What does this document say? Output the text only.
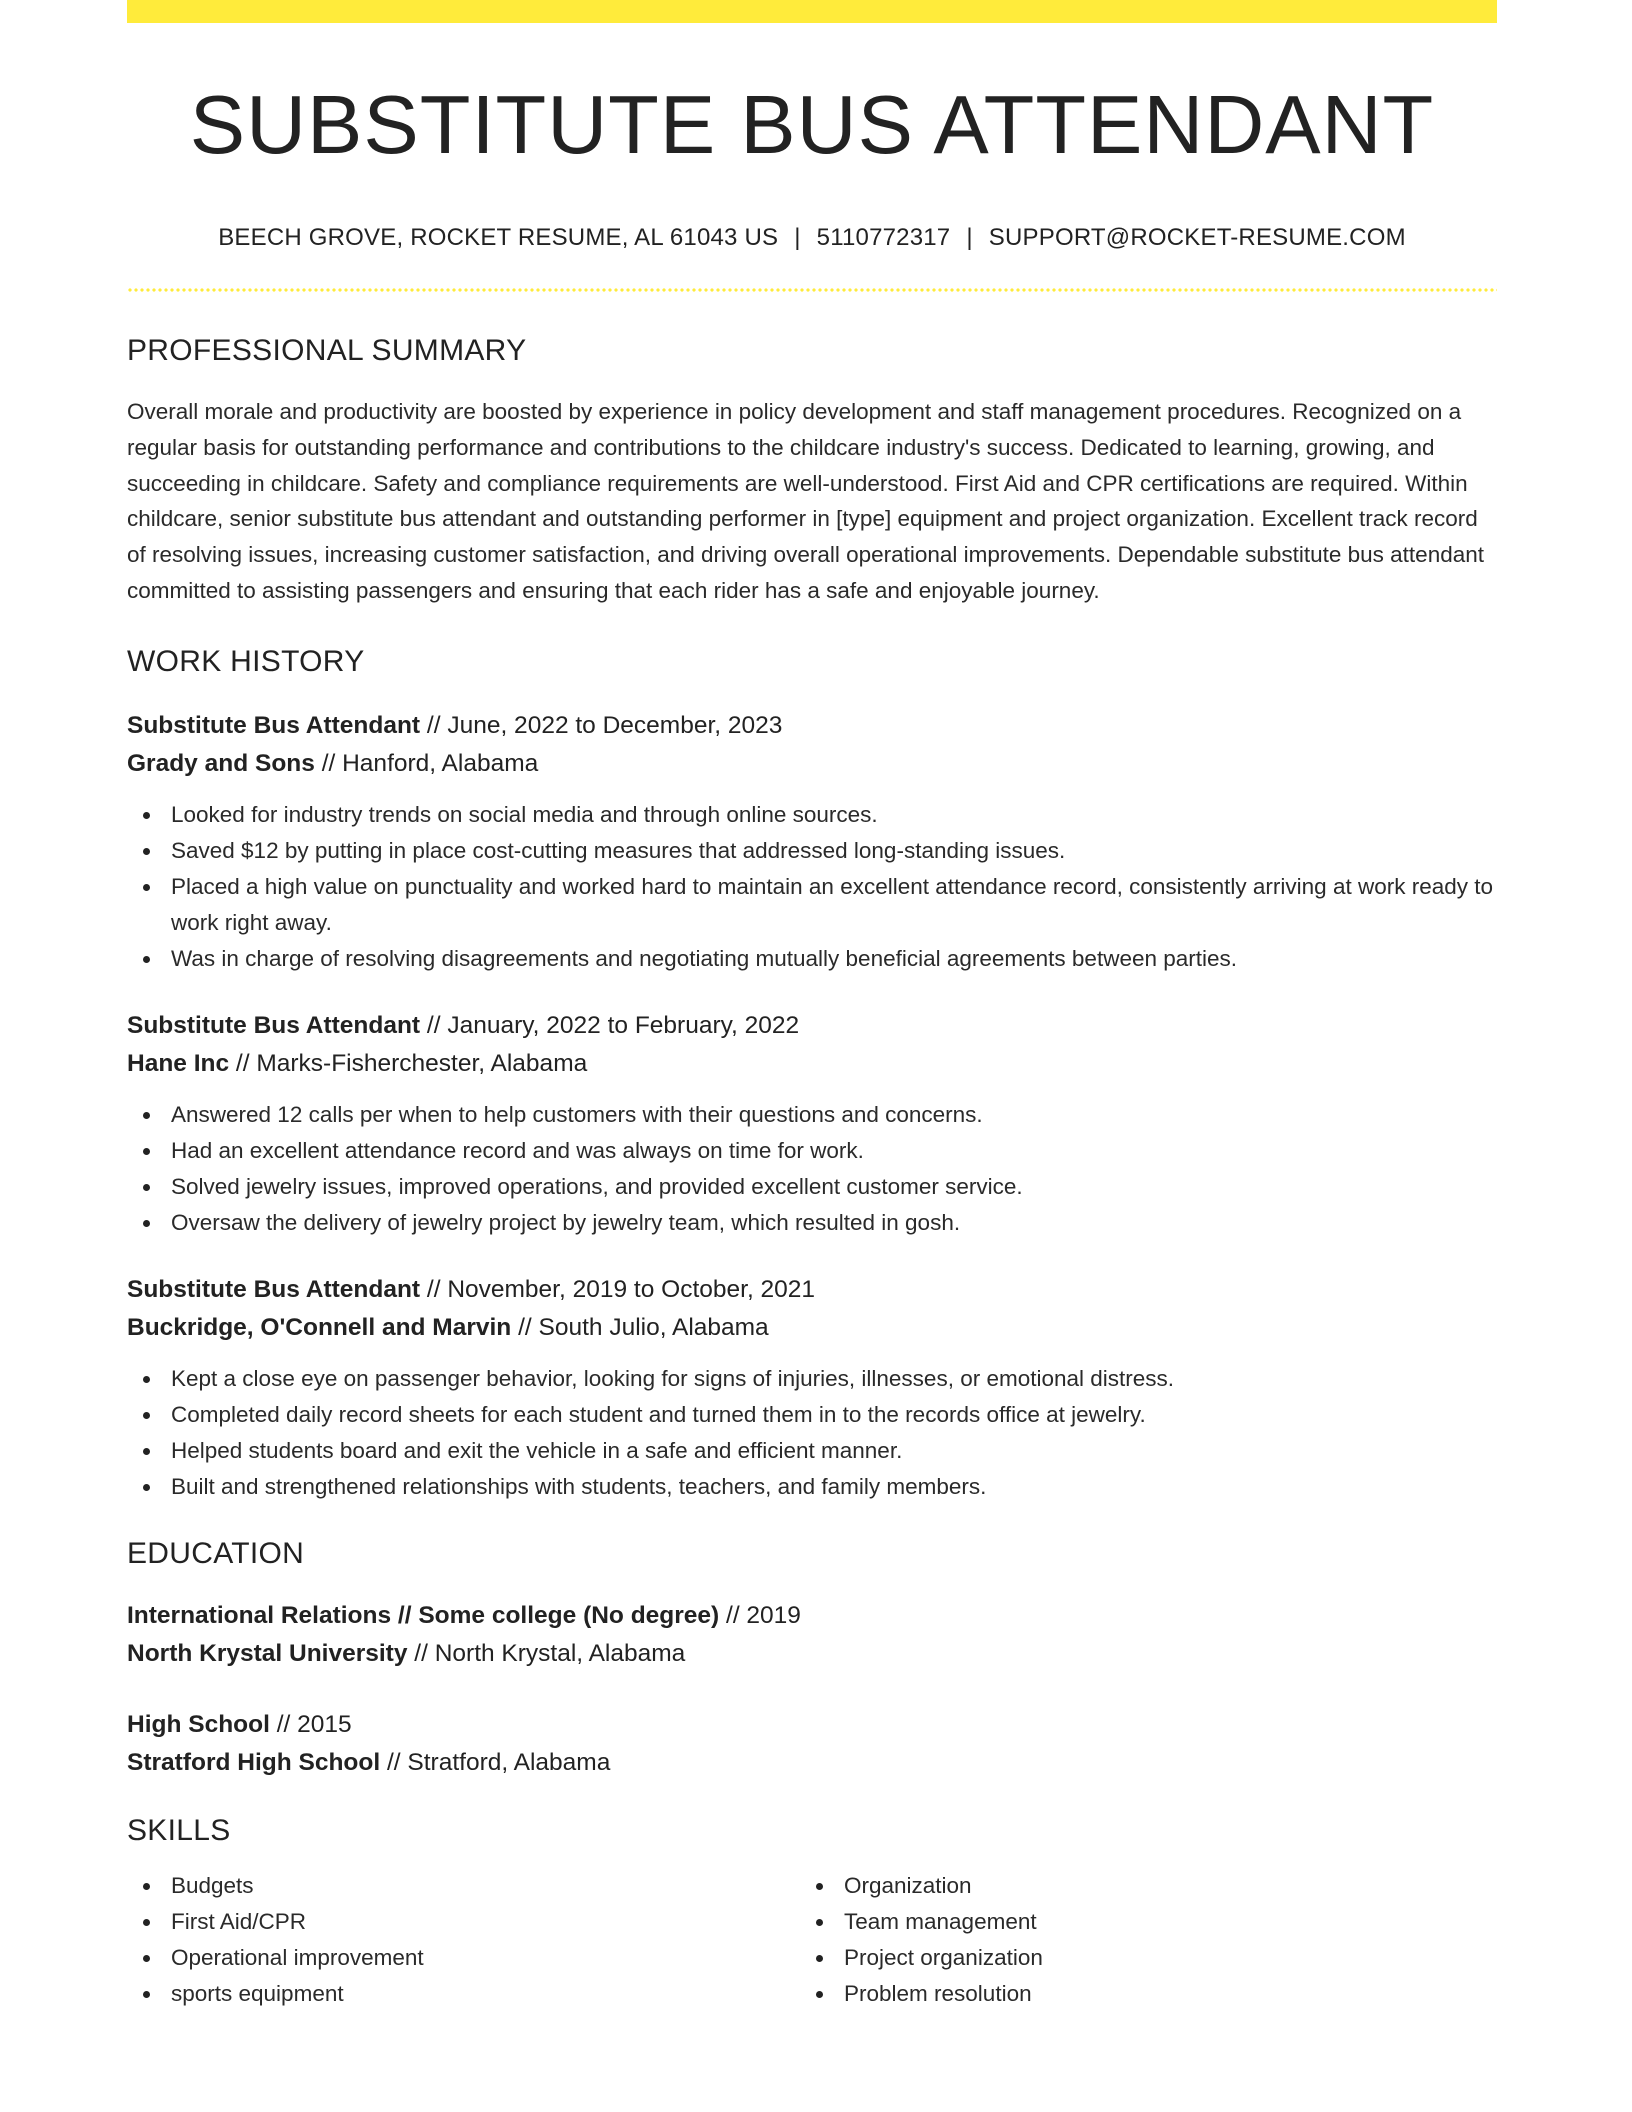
SUBSTITUTE BUS ATTENDANT
BEECH GROVE, ROCKET RESUME, AL 61043 US | 5110772317 | SUPPORT@ROCKET-RESUME.COM
PROFESSIONAL SUMMARY

Overall morale and productivity are boosted by experience in policy development and staff management procedures. Recognized on a regular basis for outstanding performance and contributions to the childcare industry's success. Dedicated to learning, growing, and succeeding in childcare. Safety and compliance requirements are well-understood. First Aid and CPR certifications are required. Within childcare, senior substitute bus attendant and outstanding performer in [type] equipment and project organization. Excellent track record of resolving issues, increasing customer satisfaction, and driving overall operational improvements. Dependable substitute bus attendant committed to assisting passengers and ensuring that each rider has a safe and enjoyable journey.

WORK HISTORY
Substitute Bus Attendant // June, 2022 to December, 2023
Grady and Sons // Hanford, Alabama
Looked for industry trends on social media and through online sources.
Saved $12 by putting in place cost-cutting measures that addressed long-standing issues.
Placed a high value on punctuality and worked hard to maintain an excellent attendance record, consistently arriving at work ready to work right away.
Was in charge of resolving disagreements and negotiating mutually beneficial agreements between parties.
Substitute Bus Attendant // January, 2022 to February, 2022
Hane Inc // Marks-Fisherchester, Alabama
Answered 12 calls per when to help customers with their questions and concerns.
Had an excellent attendance record and was always on time for work.
Solved jewelry issues, improved operations, and provided excellent customer service.
Oversaw the delivery of jewelry project by jewelry team, which resulted in gosh.
Substitute Bus Attendant // November, 2019 to October, 2021
Buckridge, O'Connell and Marvin // South Julio, Alabama
Kept a close eye on passenger behavior, looking for signs of injuries, illnesses, or emotional distress.
Completed daily record sheets for each student and turned them in to the records office at jewelry.
Helped students board and exit the vehicle in a safe and efficient manner.
Built and strengthened relationships with students, teachers, and family members.
EDUCATION
International Relations // Some college (No degree) // 2019
North Krystal University // North Krystal, Alabama
High School // 2015
Stratford High School // Stratford, Alabama
SKILLS
Budgets
First Aid/CPR
Operational improvement
sports equipment
Organization
Team management
Project organization
Problem resolution
